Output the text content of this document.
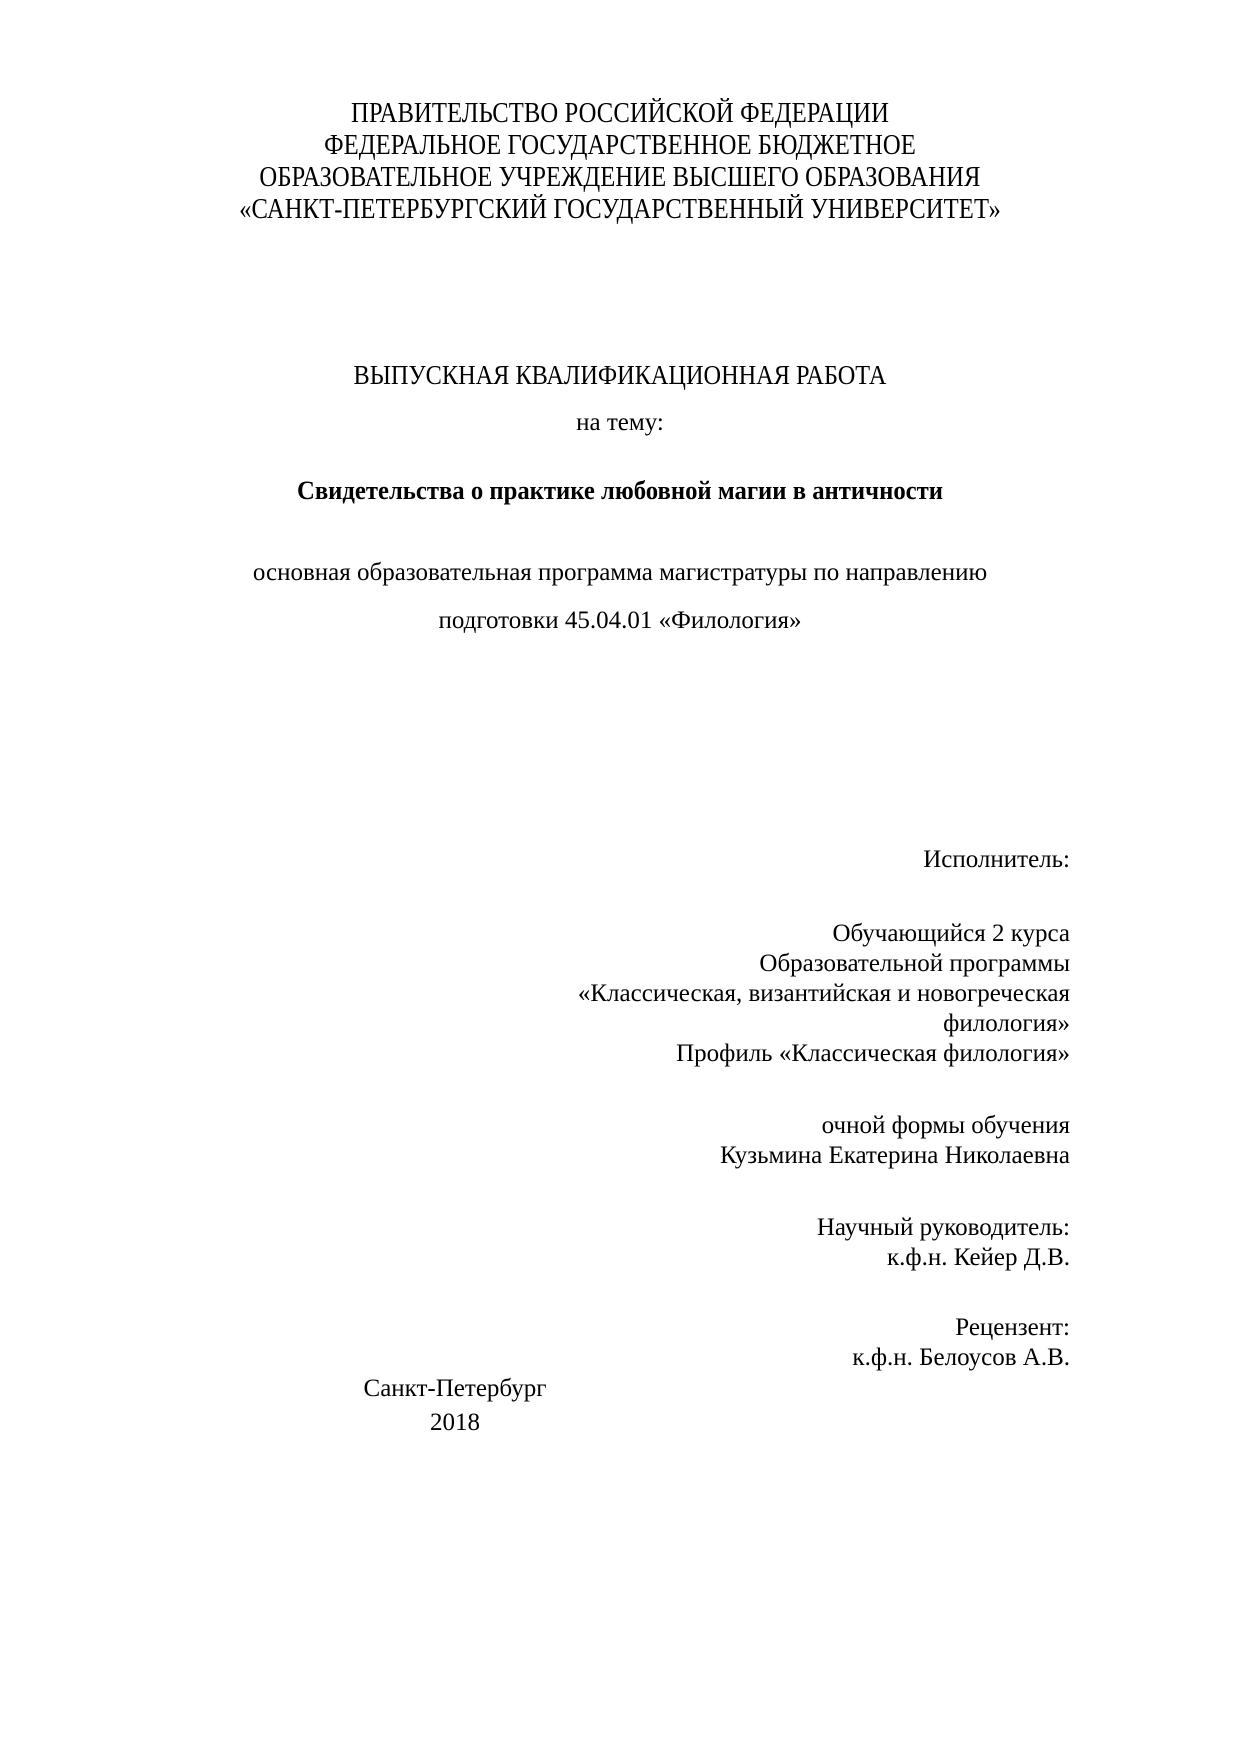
ПРАВИТЕЛЬСТВО РОССИЙСКОЙ ФЕДЕРАЦИИ
ФЕДЕРАЛЬНОЕ ГОСУДАРСТВЕННОЕ БЮДЖЕТНОЕ
ОБРАЗОВАТЕЛЬНОЕ УЧРЕЖДЕНИЕ ВЫСШЕГО ОБРАЗОВАНИЯ
«САНКТ-ПЕТЕРБУРГСКИЙ ГОСУДАРСТВЕННЫЙ УНИВЕРСИТЕТ»
ВЫПУСКНАЯ КВАЛИФИКАЦИОННАЯ РАБОТА
на тему:
Свидетельства о практике любовной магии в античности
основная образовательная программа магистратуры по направлению
подготовки 45.04.01 «Филология»
Исполнитель:
Обучающийся 2 курса
Образовательной программы
«Классическая, византийская и новогреческая
филология»
Профиль «Классическая филология»
очной формы обучения
Кузьмина Екатерина Николаевна
Научный руководитель:
к.ф.н. Кейер Д.В.
Рецензент:
к.ф.н. Белоусов А.В.
Санкт-Петербург
2018
